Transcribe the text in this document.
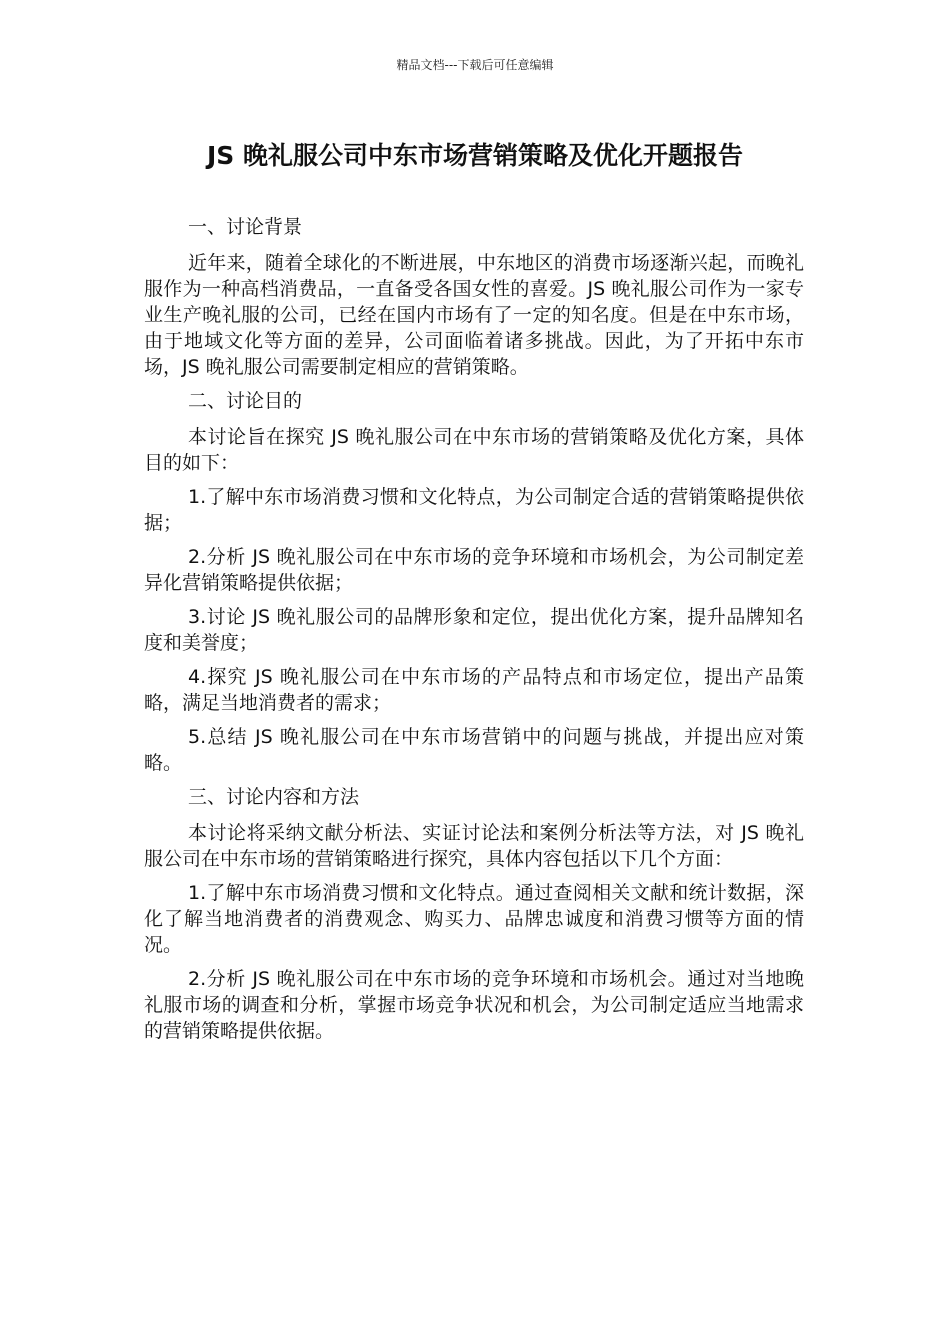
精品文档---下载后可任意编辑
JS 晚礼服公司中东市场营销策略及优化开题报告

一、讨论背景

近年来，随着全球化的不断进展，中东地区的消费市场逐渐兴起，而晚礼服作为一种高档消费品，一直备受各国女性的喜爱。JS 晚礼服公司作为一家专业生产晚礼服的公司，已经在国内市场有了一定的知名度。但是在中东市场，由于地域文化等方面的差异，公司面临着诸多挑战。因此，为了开拓中东市场，JS 晚礼服公司需要制定相应的营销策略。

二、讨论目的

本讨论旨在探究 JS 晚礼服公司在中东市场的营销策略及优化方案，具体目的如下：

1.了解中东市场消费习惯和文化特点，为公司制定合适的营销策略提供依据；

2.分析 JS 晚礼服公司在中东市场的竞争环境和市场机会，为公司制定差异化营销策略提供依据；

3.讨论 JS 晚礼服公司的品牌形象和定位，提出优化方案，提升品牌知名度和美誉度；

4.探究 JS 晚礼服公司在中东市场的产品特点和市场定位，提出产品策略，满足当地消费者的需求；

5.总结 JS 晚礼服公司在中东市场营销中的问题与挑战，并提出应对策略。

三、讨论内容和方法

本讨论将采纳文献分析法、实证讨论法和案例分析法等方法，对 JS 晚礼服公司在中东市场的营销策略进行探究，具体内容包括以下几个方面：

1.了解中东市场消费习惯和文化特点。通过查阅相关文献和统计数据，深化了解当地消费者的消费观念、购买力、品牌忠诚度和消费习惯等方面的情况。

2.分析 JS 晚礼服公司在中东市场的竞争环境和市场机会。通过对当地晚礼服市场的调查和分析，掌握市场竞争状况和机会，为公司制定适应当地需求的营销策略提供依据。
